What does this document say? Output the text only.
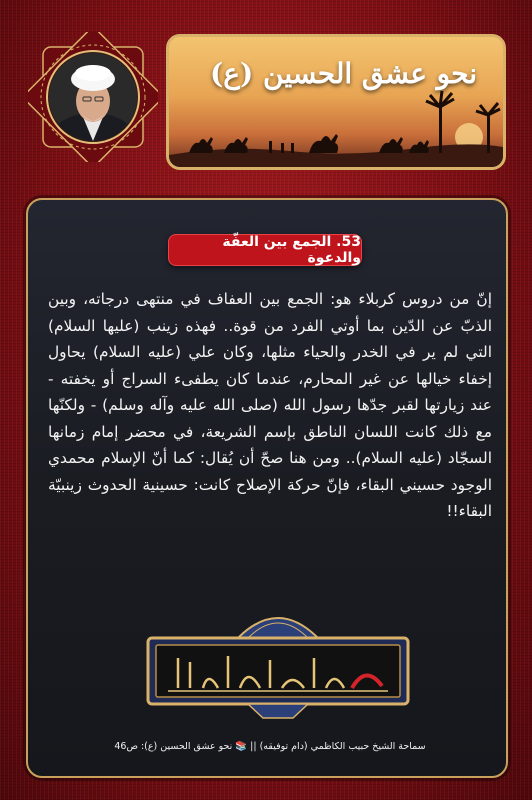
نحو عشق الحسين (ع)
53. الجمع بين العفّة والدعوة

إنّ من دروس كربلاء هو: الجمع بين العفاف في منتهى درجاته، وبين الذبّ عن الدّين بما أوتي الفرد من قوة.. فهذه زينب (عليها السلام) التي لم ير في الخدر والحياء مثلها، وكان علي (عليه السلام) يحاول إخفاء خيالها عن غير المحارم، عندما كان يطفىء السراج أو يخفته - عند زيارتها لقبر جدّها رسول الله (صلى الله عليه وآله وسلم) - ولكنّها مع ذلك كانت اللسان الناطق بإسم الشريعة، في محضر إمام زمانها السجّاد (عليه السلام).. ومن هنا صحّ أن يُقال: كما أنّ الإسلام محمدي الوجود حسيني البقاء، فإنّ حركة الإصلاح كانت: حسينية الحدوث زينبيّة البقاء!!

سماحة الشيخ حبيب الكاظمي (دام توفيقه) || 📚 نحو عشق الحسين (ع): ص46
